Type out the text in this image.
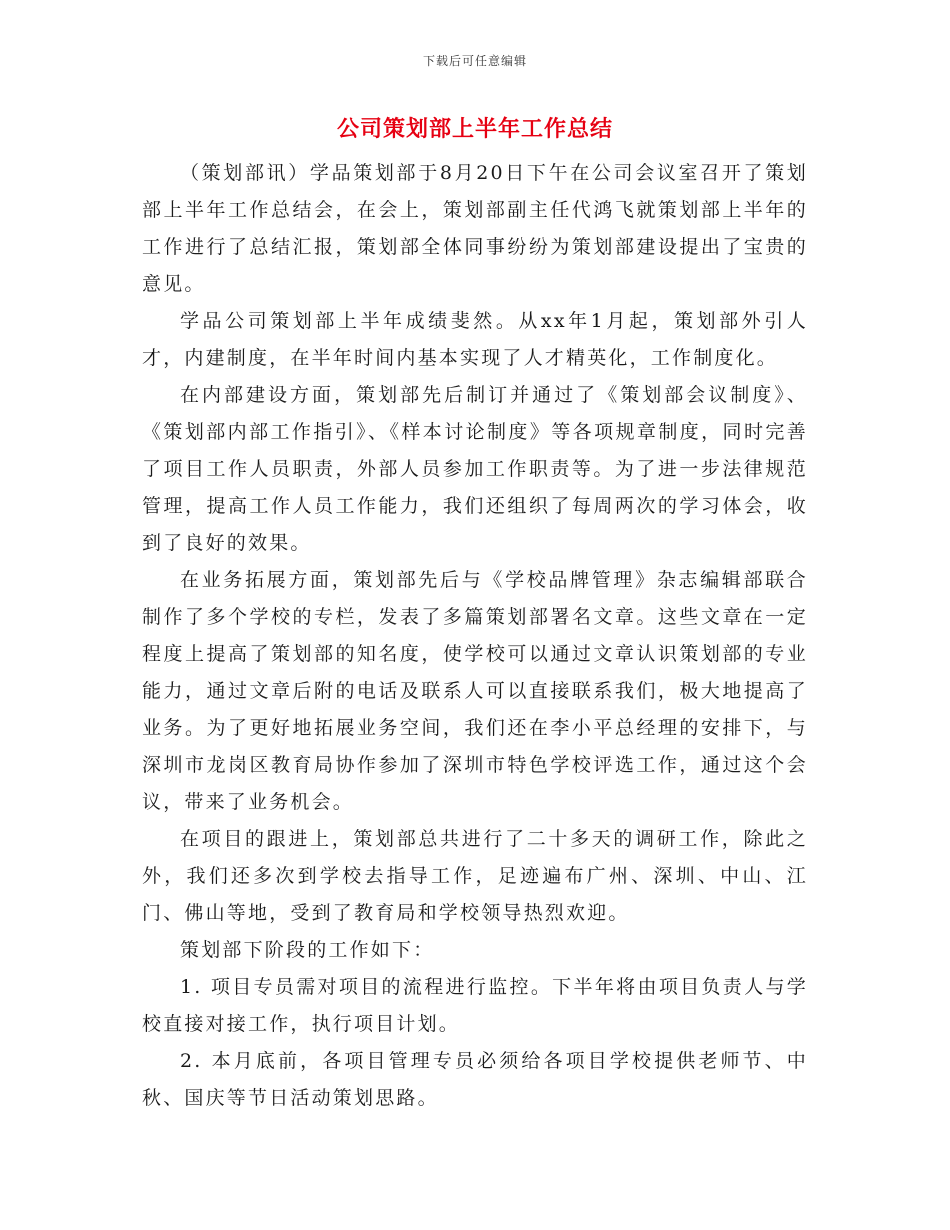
下载后可任意编辑
公司策划部上半年工作总结

（策划部讯）学品策划部于8月20日下午在公司会议室召开了策划部上半年工作总结会，在会上，策划部副主任代鸿飞就策划部上半年的工作进行了总结汇报，策划部全体同事纷纷为策划部建设提出了宝贵的意见。

学品公司策划部上半年成绩斐然。从xx年1月起，策划部外引人才，内建制度，在半年时间内基本实现了人才精英化，工作制度化。

在内部建设方面，策划部先后制订并通过了《策划部会议制度》、《策划部内部工作指引》、《样本讨论制度》等各项规章制度，同时完善了项目工作人员职责，外部人员参加工作职责等。为了进一步法律规范管理，提高工作人员工作能力，我们还组织了每周两次的学习体会，收到了良好的效果。

在业务拓展方面，策划部先后与《学校品牌管理》杂志编辑部联合制作了多个学校的专栏，发表了多篇策划部署名文章。这些文章在一定程度上提高了策划部的知名度，使学校可以通过文章认识策划部的专业能力，通过文章后附的电话及联系人可以直接联系我们，极大地提高了业务。为了更好地拓展业务空间，我们还在李小平总经理的安排下，与深圳市龙岗区教育局协作参加了深圳市特色学校评选工作，通过这个会议，带来了业务机会。

在项目的跟进上，策划部总共进行了二十多天的调研工作，除此之外，我们还多次到学校去指导工作，足迹遍布广州、深圳、中山、江门、佛山等地，受到了教育局和学校领导热烈欢迎。

策划部下阶段的工作如下：

1. 项目专员需对项目的流程进行监控。下半年将由项目负责人与学校直接对接工作，执行项目计划。

2. 本月底前，各项目管理专员必须给各项目学校提供老师节、中秋、国庆等节日活动策划思路。
